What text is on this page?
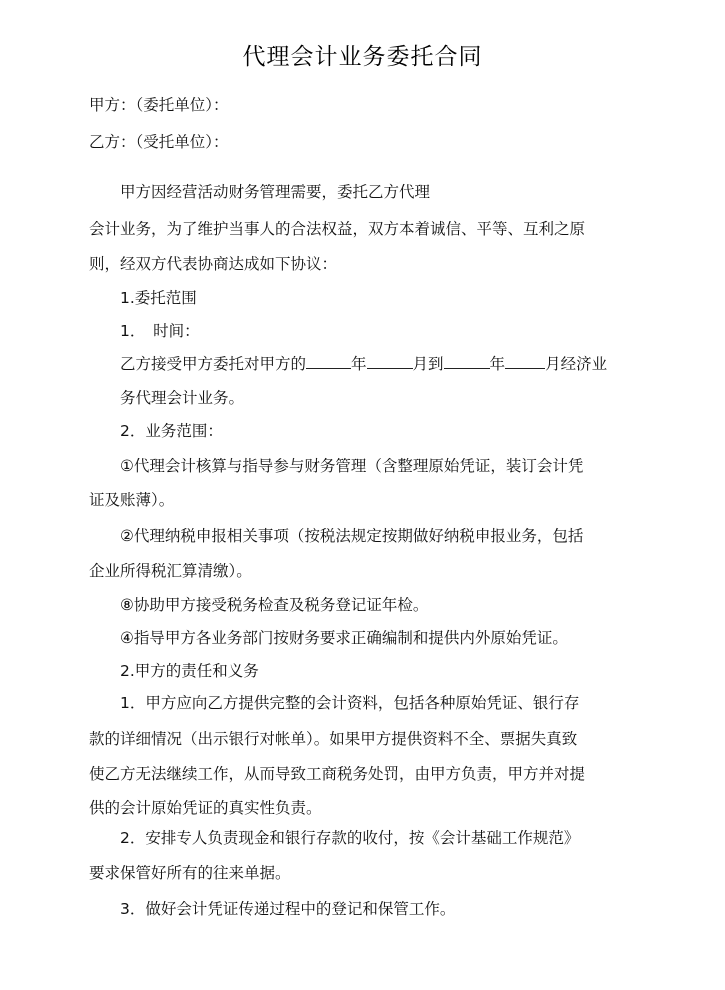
代理会计业务委托合同
甲方：（委托单位）：
乙方：（受托单位）：
甲方因经营活动财务管理需要，委托乙方代理
会计业务，为了维护当事人的合法权益，双方本着诚信、平等、互利之原
则，经双方代表协商达成如下协议：
1.委托范围
1．　时间：
乙方接受甲方委托对甲方的	年	月到	年	月经济业
务代理会计业务。
2．业务范围：
①代理会计核算与指导参与财务管理（含整理原始凭证，装订会计凭
证及账薄）。
②代理纳税申报相关事项（按税法规定按期做好纳税申报业务，包括
企业所得税汇算清缴）。
⑧协助甲方接受税务检查及税务登记证年检。
④指导甲方各业务部门按财务要求正确编制和提供内外原始凭证。
2.甲方的责任和义务
1．甲方应向乙方提供完整的会计资料，包括各种原始凭证、银行存
款的详细情况（出示银行对帐单）。如果甲方提供资料不全、票据失真致
使乙方无法继续工作，从而导致工商税务处罚，由甲方负责，甲方并对提
供的会计原始凭证的真实性负责。
2．安排专人负责现金和银行存款的收付，按《会计基础工作规范》
要求保管好所有的往来单据。
3．做好会计凭证传递过程中的登记和保管工作。
